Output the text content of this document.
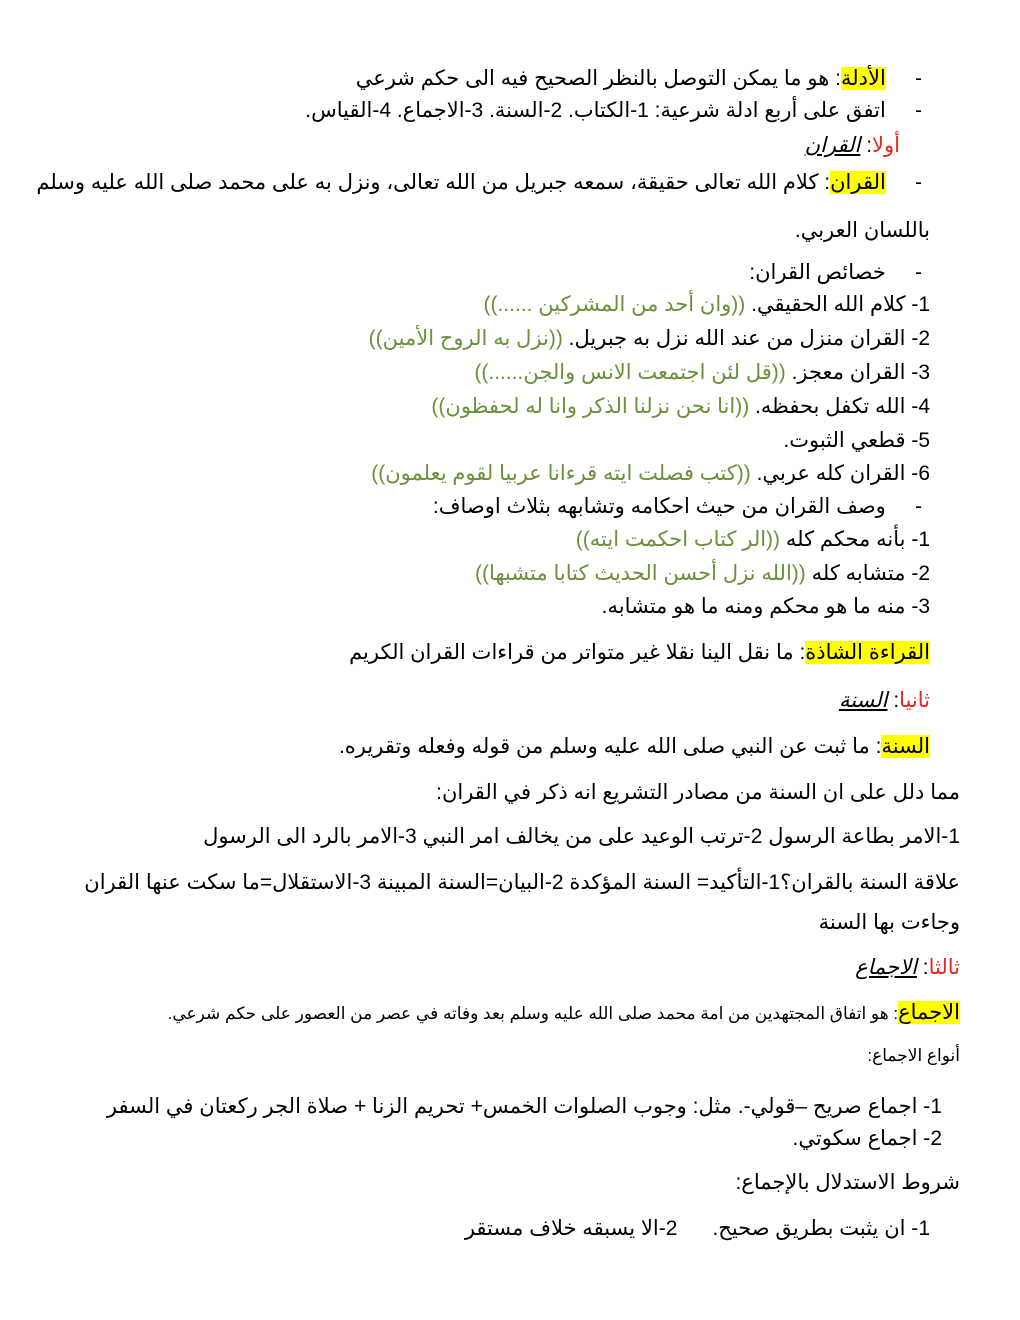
-     الأدلة: هو ما يمكن التوصل بالنظر الصحيح فيه الى حكم شرعي
-     اتفق على أربع ادلة شرعية: 1-الكتاب. 2-السنة. 3-الاجماع. 4-القياس.
أولا: القران
-     القران: كلام الله تعالى حقيقة، سمعه جبريل من الله تعالى، ونزل به على محمد صلى الله عليه وسلم
باللسان العربي.
-     خصائص القران:
1- كلام الله الحقيقي. ((وان أحد من المشركين ......))
2- القران منزل من عند الله نزل به جبريل. ((نزل به الروح الأمين))
3- القران معجز. ((قل لئن اجتمعت الانس والجن......))
4- الله تكفل بحفظه. ((انا نحن نزلنا الذكر وانا له لحفظون))
5- قطعي الثبوت.
6- القران كله عربي. ((كتب فصلت ايته قرءانا عربيا لقوم يعلمون))
-     وصف القران من حيث احكامه وتشابهه بثلاث اوصاف:
1- بأنه محكم كله ((الر كتاب احكمت ايته))
2- متشابه كله ((الله نزل أحسن الحديث كتابا متشبها))
3- منه ما هو محكم ومنه ما هو متشابه.
القراءة الشاذة: ما نقل الينا نقلا غير متواتر من قراءات القران الكريم
ثانيا: السنة
السنة: ما ثبت عن النبي صلى الله عليه وسلم من قوله وفعله وتقريره.
مما دلل على ان السنة من مصادر التشريع انه ذكر في القران:
1-الامر بطاعة الرسول 2-ترتب الوعيد على من يخالف امر النبي 3-الامر بالرد الى الرسول
علاقة السنة بالقران؟1-التأكيد= السنة المؤكدة 2-البيان=السنة المبينة 3-الاستقلال=ما سكت عنها القران
وجاءت بها السنة
ثالثا: الاجماع
الاجماع: هو اتفاق المجتهدين من امة محمد صلى الله عليه وسلم بعد وفاته في عصر من العصور على حكم شرعي.
أنواع الاجماع:
1- اجماع صريح –قولي-. مثل: وجوب الصلوات الخمس+ تحريم الزنا + صلاة الجر ركعتان في السفر
2- اجماع سكوتي.
شروط الاستدلال بالإجماع:
1- ان يثبت بطريق صحيح.      2-الا يسبقه خلاف مستقر
